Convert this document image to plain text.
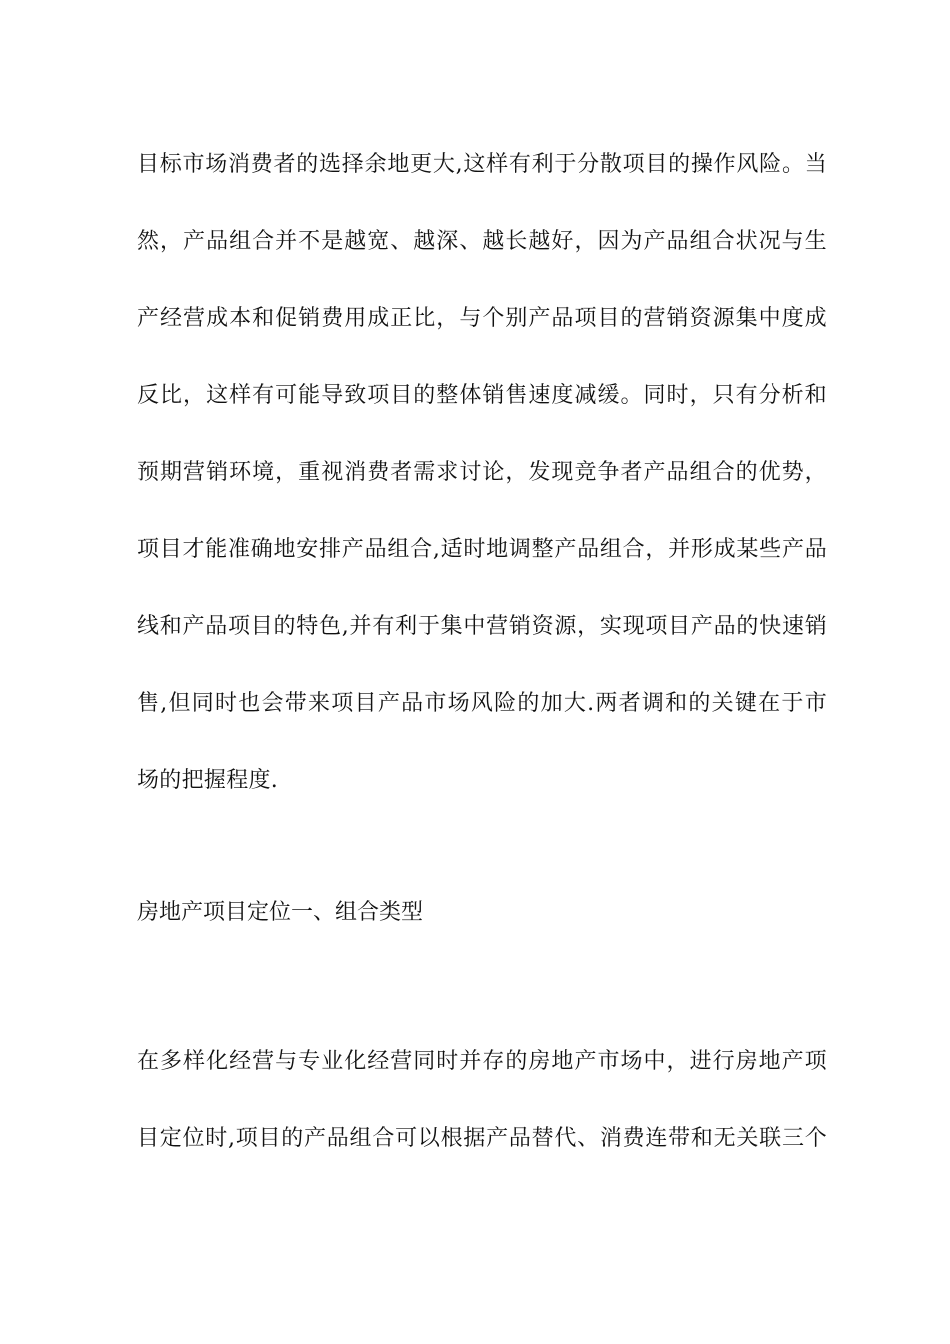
目标市场消费者的选择余地更大,这样有利于分散项目的操作风险。当
然，产品组合并不是越宽、越深、越长越好，因为产品组合状况与生
产经营成本和促销费用成正比，与个别产品项目的营销资源集中度成
反比，这样有可能导致项目的整体销售速度减缓。同时，只有分析和
预期营销环境，重视消费者需求讨论，发现竞争者产品组合的优势，
项目才能准确地安排产品组合,适时地调整产品组合，并形成某些产品
线和产品项目的特色,并有利于集中营销资源，实现项目产品的快速销
售,但同时也会带来项目产品市场风险的加大.两者调和的关键在于市
场的把握程度.
房地产项目定位一、组合类型
在多样化经营与专业化经营同时并存的房地产市场中，进行房地产项
目定位时,项目的产品组合可以根据产品替代、消费连带和无关联三个
